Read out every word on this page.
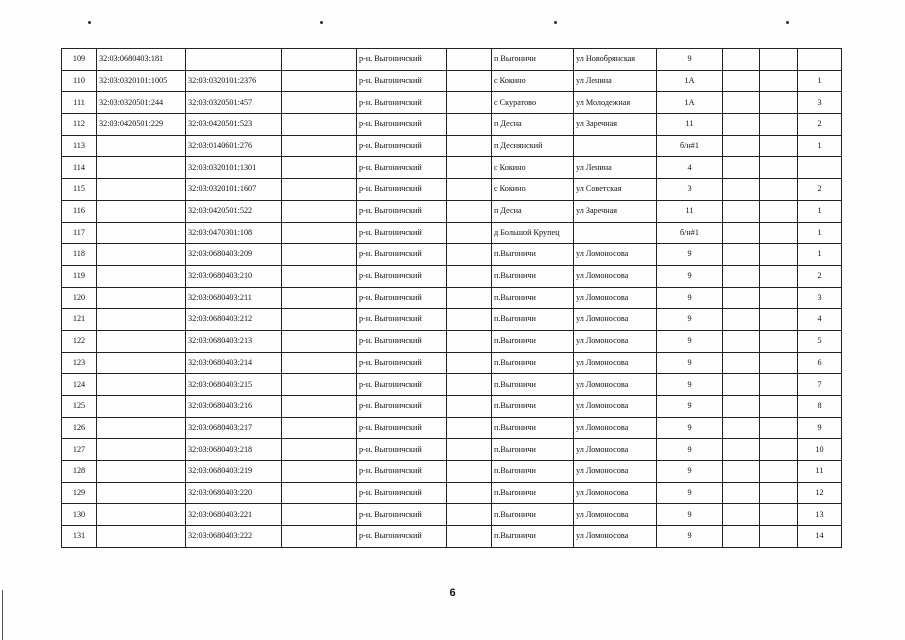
109	32:03:0680403:181			р-н. Выгоничский		п Выгоничи	ул Новобрянская	9			
110	32:03:0320101:1005	32:03:0320101:2376		р-н. Выгоничский		с Кокино	ул Ленина	1А			1
111	32:03:0320501:244	32:03:0320501:457		р-н. Выгоничский		с Скуратово	ул Молодежная	1А			3
112	32:03:0420501:229	32:03:0420501:523		р-н. Выгоничский		п Десна	ул Заречная	11			2
113		32:03:0140601:276		р-н. Выгоничский		п Деснянский		б/н#1			1
114		32:03:0320101:1301		р-н. Выгоничский		с Кокино	ул Ленина	4			
115		32:03:0320101:1607		р-н. Выгоничский		с Кокино	ул Советская	3			2
116		32:03:0420501:522		р-н. Выгоничский		п Десна	ул Заречная	11			1
117		32:03:0470301:108		р-н. Выгоничский		д Большой Крупец		б/н#1			1
118		32:03:0680403:209		р-н. Выгоничский		п.Выгоничи	ул Ломоносова	9			1
119		32:03:0680403:210		р-н. Выгоничский		п.Выгоничи	ул Ломоносова	9			2
120		32:03:0680403:211		р-н. Выгоничский		п.Выгоничи	ул Ломоносова	9			3
121		32:03:0680403:212		р-н. Выгоничский		п.Выгоничи	ул Ломоносова	9			4
122		32:03:0680403:213		р-н. Выгоничский		п.Выгоничи	ул Ломоносова	9			5
123		32:03:0680403:214		р-н. Выгоничский		п.Выгоничи	ул Ломоносова	9			6
124		32:03:0680403:215		р-н. Выгоничский		п.Выгоничи	ул Ломоносова	9			7
125		32:03:0680403:216		р-н. Выгоничский		п.Выгоничи	ул Ломоносова	9			8
126		32:03:0680403:217		р-н. Выгоничский		п.Выгоничи	ул Ломоносова	9			9
127		32:03:0680403:218		р-н. Выгоничский		п.Выгоничи	ул Ломоносова	9			10
128		32:03:0680403:219		р-н. Выгоничский		п.Выгоничи	ул Ломоносова	9			11
129		32:03:0680403:220		р-н. Выгоничский		п.Выгоничи	ул Ломоносова	9			12
130		32:03:0680403:221		р-н. Выгоничский		п.Выгоничи	ул Ломоносова	9			13
131		32:03:0680403:222		р-н. Выгоничский		п.Выгоничи	ул Ломоносова	9			14
6
